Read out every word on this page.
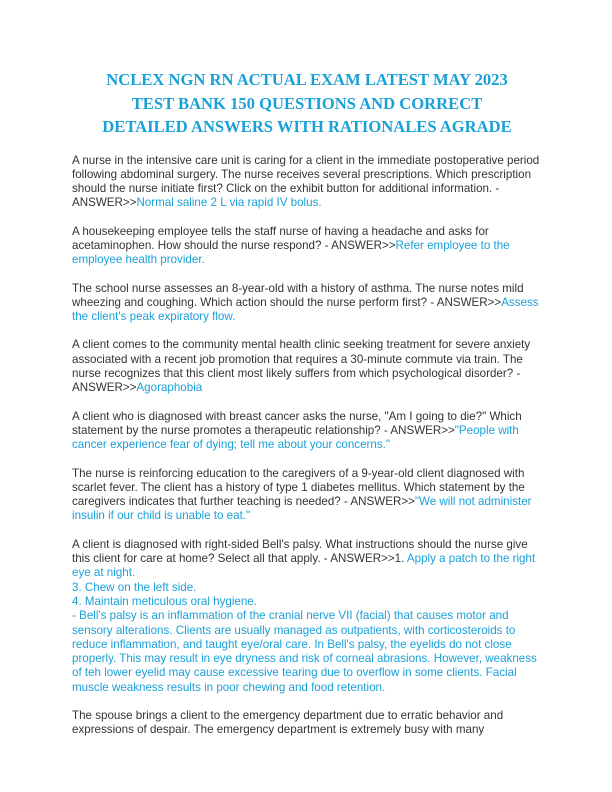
NCLEX NGN RN ACTUAL EXAM LATEST MAY 2023
TEST BANK 150 QUESTIONS AND CORRECT
DETAILED ANSWERS WITH RATIONALES AGRADE

A nurse in the intensive care unit is caring for a client in the immediate postoperative period following abdominal surgery. The nurse receives several prescriptions. Which prescription should the nurse initiate first? Click on the exhibit button for additional information. - ANSWER>>Normal saline 2 L via rapid IV bolus.

A housekeeping employee tells the staff nurse of having a headache and asks for acetaminophen. How should the nurse respond? - ANSWER>>Refer employee to the employee health provider.

The school nurse assesses an 8-year-old with a history of asthma. The nurse notes mild wheezing and coughing. Which action should the nurse perform first? - ANSWER>>Assess the client's peak expiratory flow.

A client comes to the community mental health clinic seeking treatment for severe anxiety associated with a recent job promotion that requires a 30-minute commute via train. The nurse recognizes that this client most likely suffers from which psychological disorder? - ANSWER>>Agoraphobia

A client who is diagnosed with breast cancer asks the nurse, "Am I going to die?" Which statement by the nurse promotes a therapeutic relationship? - ANSWER>>"People with cancer experience fear of dying; tell me about your concerns."

The nurse is reinforcing education to the caregivers of a 9-year-old client diagnosed with scarlet fever. The client has a history of type 1 diabetes mellitus. Which statement by the caregivers indicates that further teaching is needed? - ANSWER>>"We will not administer insulin if our child is unable to eat."

A client is diagnosed with right-sided Bell's palsy. What instructions should the nurse give this client for care at home? Select all that apply. - ANSWER>>1. Apply a patch to the right eye at night.
3. Chew on the left side.
4. Maintain meticulous oral hygiene.
- Bell's palsy is an inflammation of the cranial nerve VII (facial) that causes motor and sensory alterations. Clients are usually managed as outpatients, with corticosteroids to reduce inflammation, and taught eye/oral care. In Bell's palsy, the eyelids do not close properly. This may result in eye dryness and risk of corneal abrasions. However, weakness of teh lower eyelid may cause excessive tearing due to overflow in some clients. Facial muscle weakness results in poor chewing and food retention.

The spouse brings a client to the emergency department due to erratic behavior and expressions of despair. The emergency department is extremely busy with many
